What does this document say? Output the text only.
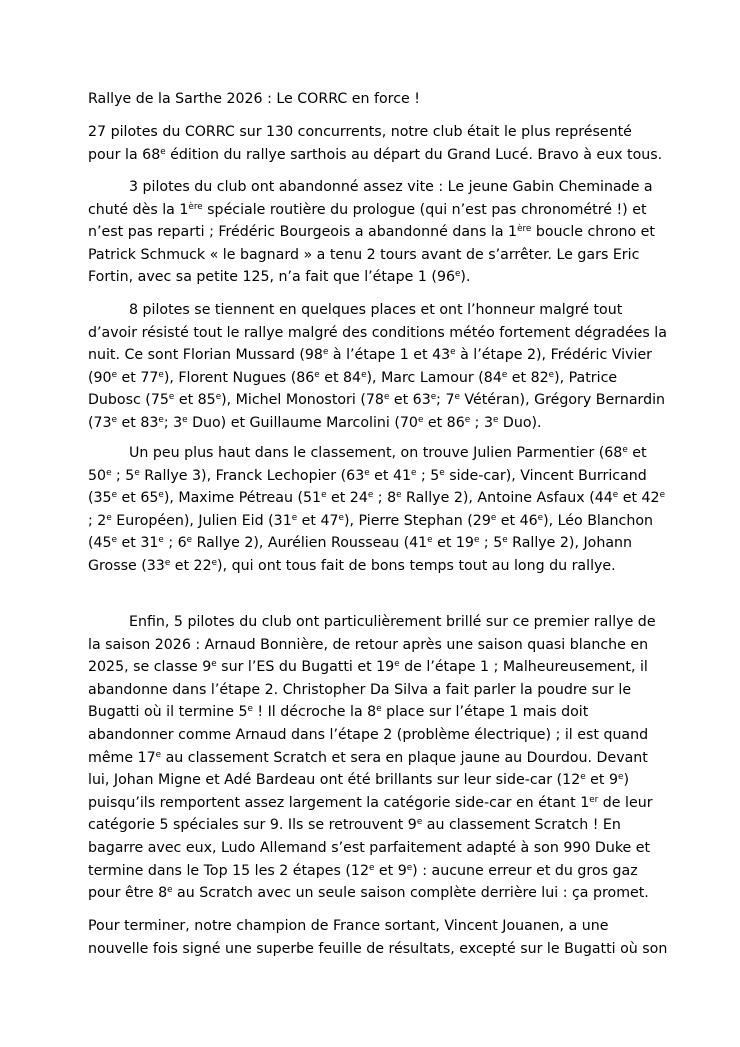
Rallye de la Sarthe 2026 : Le CORRC en force !

27 pilotes du CORRC sur 130 concurrents, notre club était le plus représenté pour la 68e édition du rallye sarthois au départ du Grand Lucé. Bravo à eux tous.

3 pilotes du club ont abandonné assez vite : Le jeune Gabin Cheminade a chuté dès la 1ère spéciale routière du prologue (qui n’est pas chronométré !) et n’est pas reparti ; Frédéric Bourgeois a abandonné dans la 1ère boucle chrono et Patrick Schmuck « le bagnard » a tenu 2 tours avant de s’arrêter. Le gars Eric Fortin, avec sa petite 125, n’a fait que l’étape 1 (96e).

8 pilotes se tiennent en quelques places et ont l’honneur malgré tout d’avoir résisté tout le rallye malgré des conditions météo fortement dégradées la nuit. Ce sont Florian Mussard (98e à l’étape 1 et 43e à l’étape 2), Frédéric Vivier (90e et 77e), Florent Nugues (86e et 84e), Marc Lamour (84e et 82e), Patrice Dubosc (75e et 85e), Michel Monostori (78e et 63e; 7e Vétéran), Grégory Bernardin (73e et 83e; 3e Duo) et Guillaume Marcolini (70e et 86e ; 3e Duo).

Un peu plus haut dans le classement, on trouve Julien Parmentier (68e et 50e ; 5e Rallye 3), Franck Lechopier (63e et 41e ; 5e side-car), Vincent Burricand (35e et 65e), Maxime Pétreau (51e et 24e ; 8e Rallye 2), Antoine Asfaux (44e et 42e ; 2e Européen), Julien Eid (31e et 47e), Pierre Stephan (29e et 46e), Léo Blanchon (45e et 31e ; 6e Rallye 2), Aurélien Rousseau (41e et 19e ; 5e Rallye 2), Johann Grosse (33e et 22e), qui ont tous fait de bons temps tout au long du rallye.

Enfin, 5 pilotes du club ont particulièrement brillé sur ce premier rallye de la saison 2026 : Arnaud Bonnière, de retour après une saison quasi blanche en 2025, se classe 9e sur l’ES du Bugatti et 19e de l’étape 1 ; Malheureusement, il abandonne dans l’étape 2. Christopher Da Silva a fait parler la poudre sur le Bugatti où il termine 5e ! Il décroche la 8e place sur l’étape 1 mais doit abandonner comme Arnaud dans l’étape 2 (problème électrique) ; il est quand même 17e au classement Scratch et sera en plaque jaune au Dourdou. Devant lui, Johan Migne et Adé Bardeau ont été brillants sur leur side-car (12e et 9e) puisqu’ils remportent assez largement la catégorie side-car en étant 1er de leur catégorie 5 spéciales sur 9. Ils se retrouvent 9e au classement Scratch ! En bagarre avec eux, Ludo Allemand s’est parfaitement adapté à son 990 Duke et termine dans le Top 15 les 2 étapes (12e et 9e) : aucune erreur et du gros gaz pour être 8e au Scratch avec un seule saison complète derrière lui : ça promet.

Pour terminer, notre champion de France sortant, Vincent Jouanen, a une nouvelle fois signé une superbe feuille de résultats, excepté sur le Bugatti où son
